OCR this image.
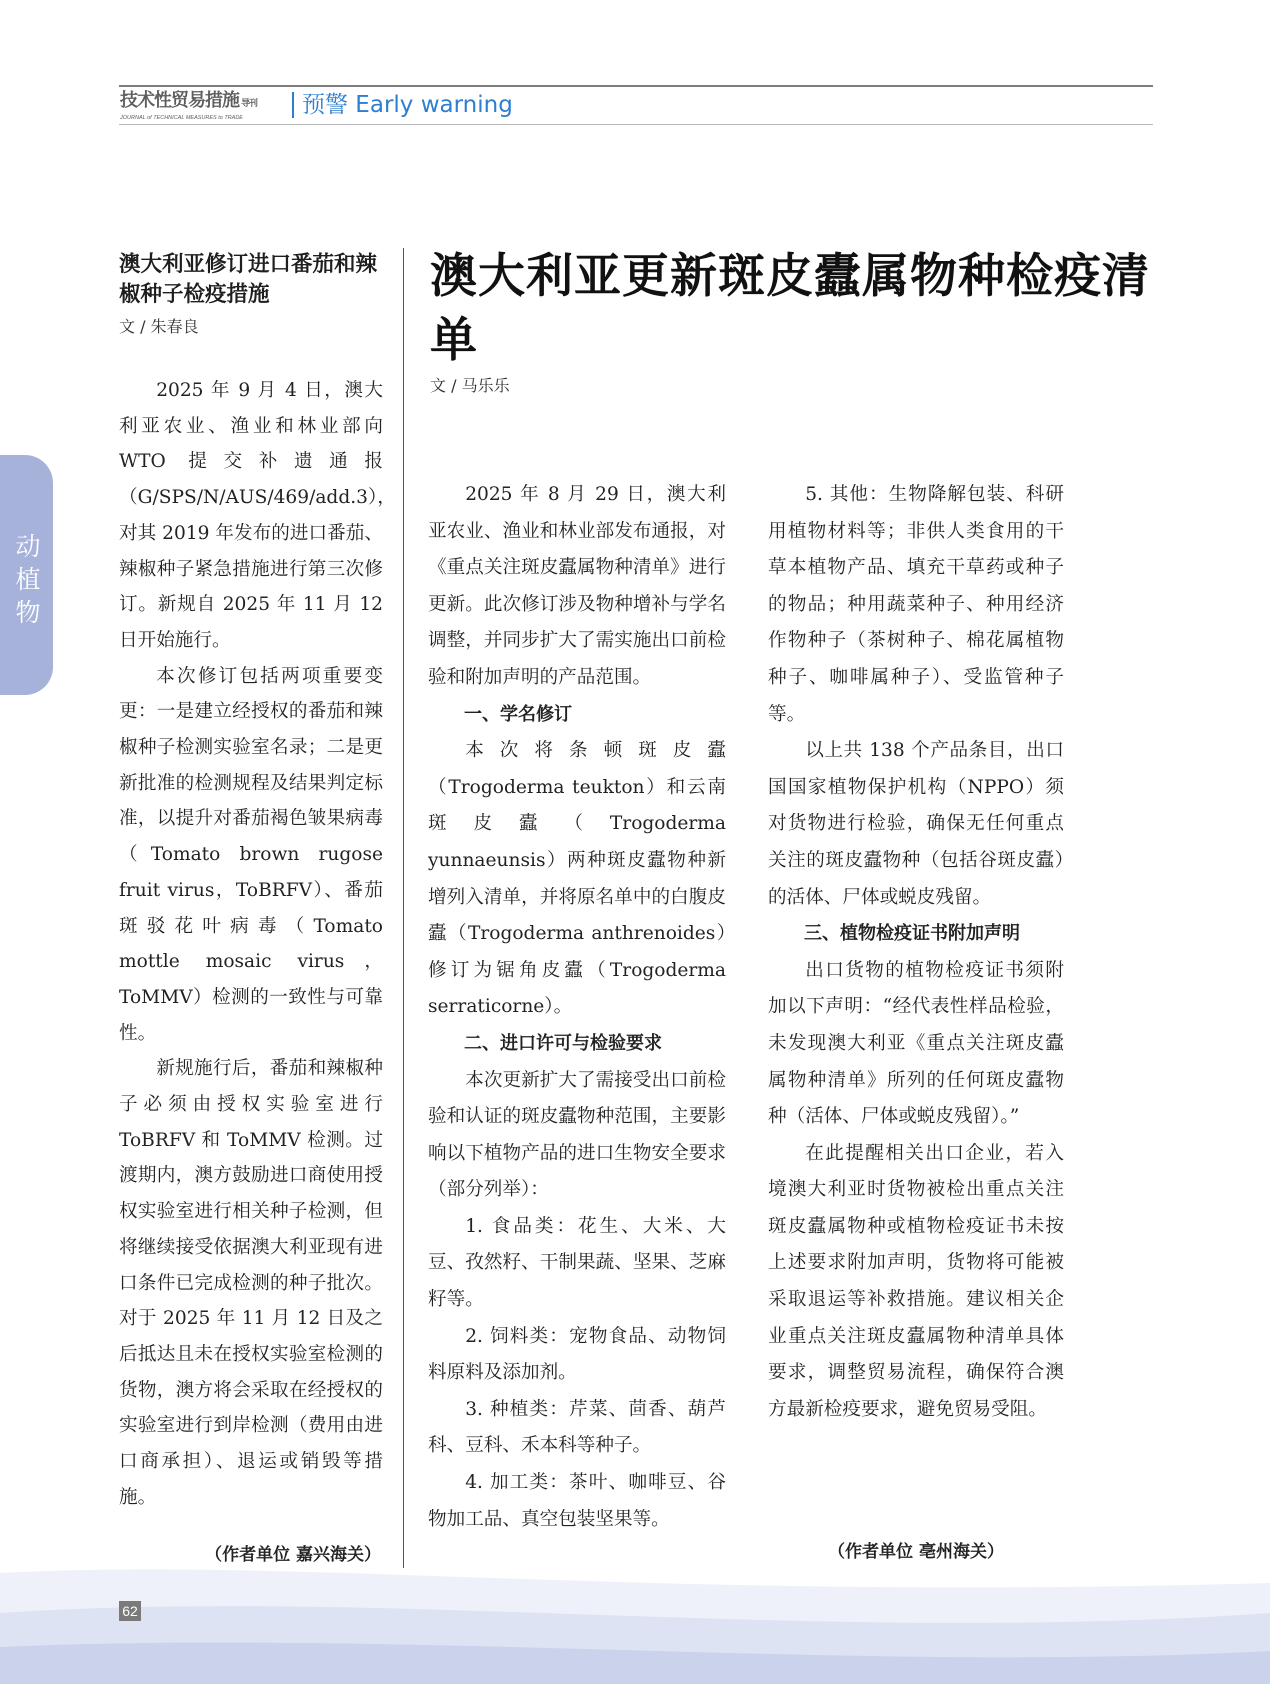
技术性贸易措施 导刊
JOURNAL of TECHNICAL MEASURES to TRADE	预警 Early warning
动植物
澳大利亚修订进口番茄和辣椒种子检疫措施
文 / 朱春良

2025 年 9 月 4 日，澳大利亚农业、渔业和林业部向 WTO 提交补遗通报（G/SPS/N/AUS/469/add.3），对其 2019 年发布的进口番茄、辣椒种子紧急措施进行第三次修订。新规自 2025 年 11 月 12 日开始施行。

本次修订包括两项重要变更：一是建立经授权的番茄和辣椒种子检测实验室名录；二是更新批准的检测规程及结果判定标准，以提升对番茄褐色皱果病毒（Tomato brown rugose fruit virus，ToBRFV）、番茄斑驳花叶病毒（Tomato mottle mosaic virus，ToMMV）检测的一致性与可靠性。

新规施行后，番茄和辣椒种子必须由授权实验室进行 ToBRFV 和 ToMMV 检测。过渡期内，澳方鼓励进口商使用授权实验室进行相关种子检测，但将继续接受依据澳大利亚现有进口条件已完成检测的种子批次。对于 2025 年 11 月 12 日及之后抵达且未在授权实验室检测的货物，澳方将会采取在经授权的实验室进行到岸检测（费用由进口商承担）、退运或销毁等措施。

（作者单位 嘉兴海关）
澳大利亚更新斑皮蠹属物种检疫清单
文 / 马乐乐

2025 年 8 月 29 日，澳大利亚农业、渔业和林业部发布通报，对《重点关注斑皮蠹属物种清单》进行更新。此次修订涉及物种增补与学名调整，并同步扩大了需实施出口前检验和附加声明的产品范围。

一、学名修订

本次将条顿斑皮蠹（Trogoderma teukton）和云南斑皮蠹（Trogoderma yunnaeunsis）两种斑皮蠹物种新增列入清单，并将原名单中的白腹皮蠹（Trogoderma anthrenoides）修订为锯角皮蠹（Trogoderma serraticorne）。

二、进口许可与检验要求

本次更新扩大了需接受出口前检验和认证的斑皮蠹物种范围，主要影响以下植物产品的进口生物安全要求（部分列举）：

1. 食品类：花生、大米、大豆、孜然籽、干制果蔬、坚果、芝麻籽等。

2. 饲料类：宠物食品、动物饲料原料及添加剂。

3. 种植类：芹菜、茴香、葫芦科、豆科、禾本科等种子。

4. 加工类：茶叶、咖啡豆、谷物加工品、真空包装坚果等。

5. 其他：生物降解包装、科研用植物材料等；非供人类食用的干草本植物产品、填充干草药或种子的物品；种用蔬菜种子、种用经济作物种子（茶树种子、棉花属植物种子、咖啡属种子）、受监管种子等。

以上共 138 个产品条目，出口国国家植物保护机构（NPPO）须对货物进行检验，确保无任何重点关注的斑皮蠹物种（包括谷斑皮蠹）的活体、尸体或蜕皮残留。

三、植物检疫证书附加声明

出口货物的植物检疫证书须附加以下声明：“经代表性样品检验，未发现澳大利亚《重点关注斑皮蠹属物种清单》所列的任何斑皮蠹物种（活体、尸体或蜕皮残留）。”

在此提醒相关出口企业，若入境澳大利亚时货物被检出重点关注斑皮蠹属物种或植物检疫证书未按上述要求附加声明，货物将可能被采取退运等补救措施。建议相关企业重点关注斑皮蠹属物种清单具体要求，调整贸易流程，确保符合澳方最新检疫要求，避免贸易受阻。

（作者单位 亳州海关）
62
